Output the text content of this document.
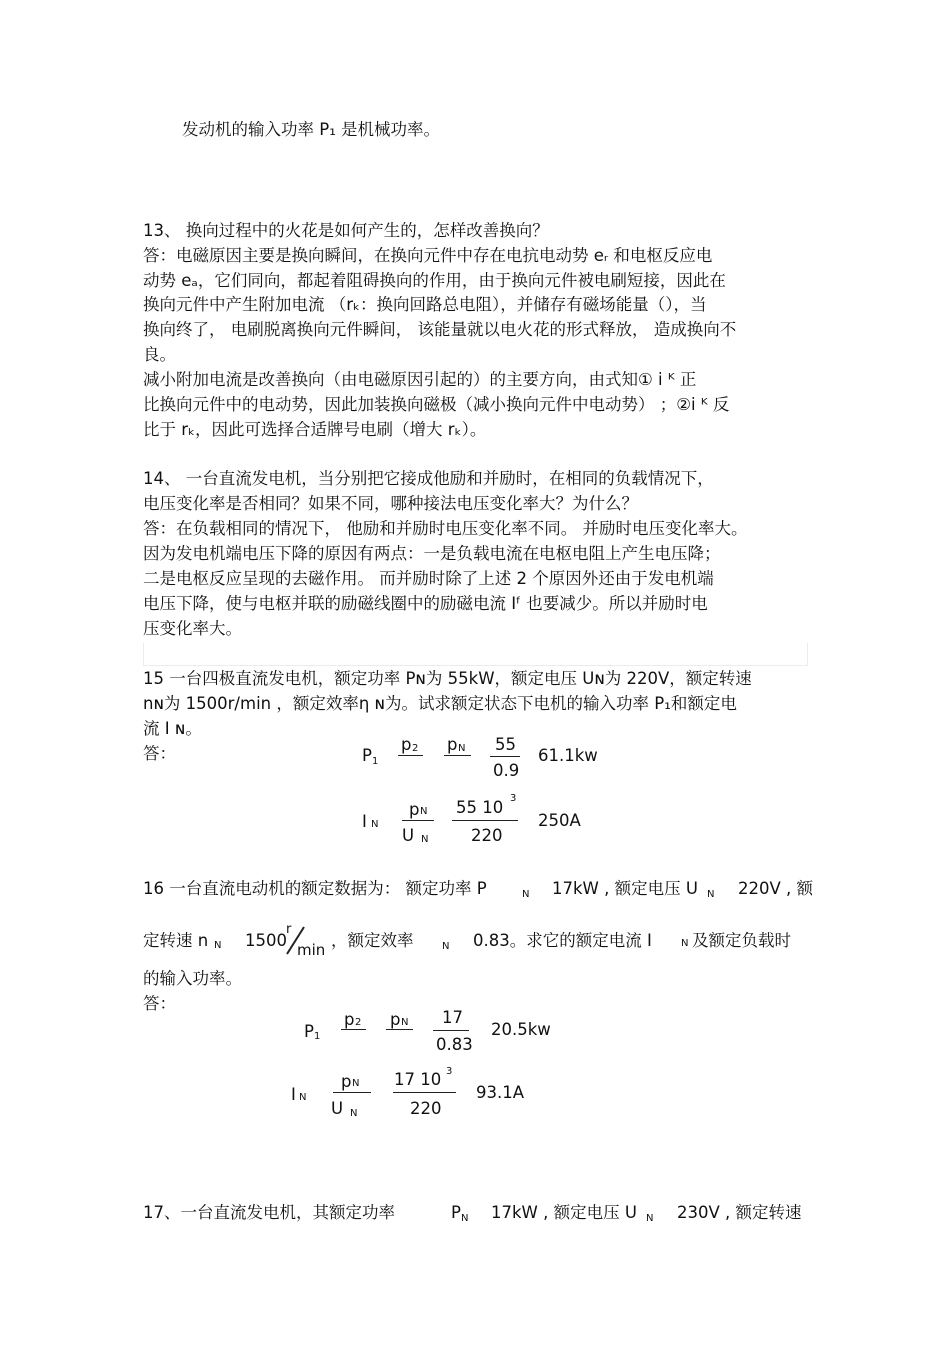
发动机的输入功率 P₁ 是机械功率。
13、 换向过程中的火花是如何产生的，怎样改善换向？
答：电磁原因主要是换向瞬间，在换向元件中存在电抗电动势 eᵣ 和电枢反应电
动势 eₐ，它们同向，都起着阻碍换向的作用，由于换向元件被电刷短接，因此在
换向元件中产生附加电流 （rₖ：换向回路总电阻），并储存有磁场能量（），当
换向终了， 电刷脱离换向元件瞬间， 该能量就以电火花的形式释放， 造成换向不
良。
减小附加电流是改善换向（由电磁原因引起的）的主要方向，由式知① i ᴷ 正
比换向元件中的电动势，因此加装换向磁极（减小换向元件中电动势） ；②i ᴷ 反
比于 rₖ，因此可选择合适牌号电刷（增大 rₖ）。
14、 一台直流发电机，当分别把它接成他励和并励时，在相同的负载情况下，
电压变化率是否相同？如果不同，哪种接法电压变化率大？为什么？
答：在负载相同的情况下， 他励和并励时电压变化率不同。 并励时电压变化率大。
因为发电机端电压下降的原因有两点：一是负载电流在电枢电阻上产生电压降；
二是电枢反应呈现的去磁作用。 而并励时除了上述 2 个原因外还由于发电机端
电压下降，使与电枢并联的励磁线圈中的励磁电流 Iᶠ 也要减少。所以并励时电
压变化率大。
15 一台四极直流发电机，额定功率 Pɴ为 55kW，额定电压 Uɴ为 220V，额定转速
nɴ为 1500r/min ，额定效率η ɴ为。试求额定状态下电机的输入功率 P₁和额定电
流 I ɴ。
答：	P 1
p 2 p N 55
0.9
61.1kw
I N
p N
U N
55 10 3
220
250A
16 一台直流电动机的额定数据为： 额定功率 P	N 17kW , 额定电压 U N 220V , 额
定转速 n N 1500
r
min ，额定效率	N 0.83。求它的额定电流 I	N 及额定负载时
的输入功率。
答：
P 1
p 2 p N 17
0.83
20.5kw
I N
p N
U N
17 10 3
220
93.1A
17、一台直流发电机，其额定功率	P N 17kW , 额定电压 U N 230V , 额定转速
